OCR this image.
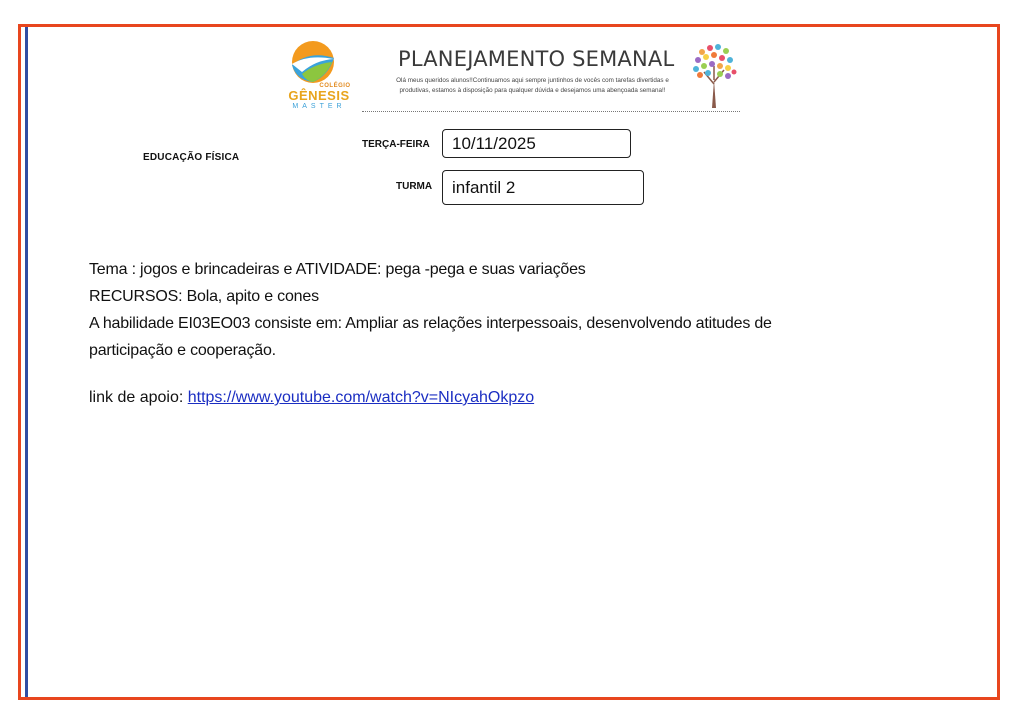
COLÉGIO
GÊNESIS
MASTER
PLANEJAMENTO SEMANAL
Olá meus queridos alunos!!Continuamos aqui sempre juntinhos de vocês com tarefas divertidas e produtivas, estamos à disposição para qualquer dúvida e desejamos uma abençoada semana!!
EDUCAÇÃO FÍSICA
TERÇA-FEIRA	10/11/2025
TURMA	infantil 2

Tema : jogos e brincadeiras e ATIVIDADE: pega -pega e suas variações

RECURSOS: Bola, apito e cones

A habilidade EI03EO03 consiste em: Ampliar as relações interpessoais, desenvolvendo atitudes de

participação e cooperação.

link de apoio: https://www.youtube.com/watch?v=NIcyahOkpzo
